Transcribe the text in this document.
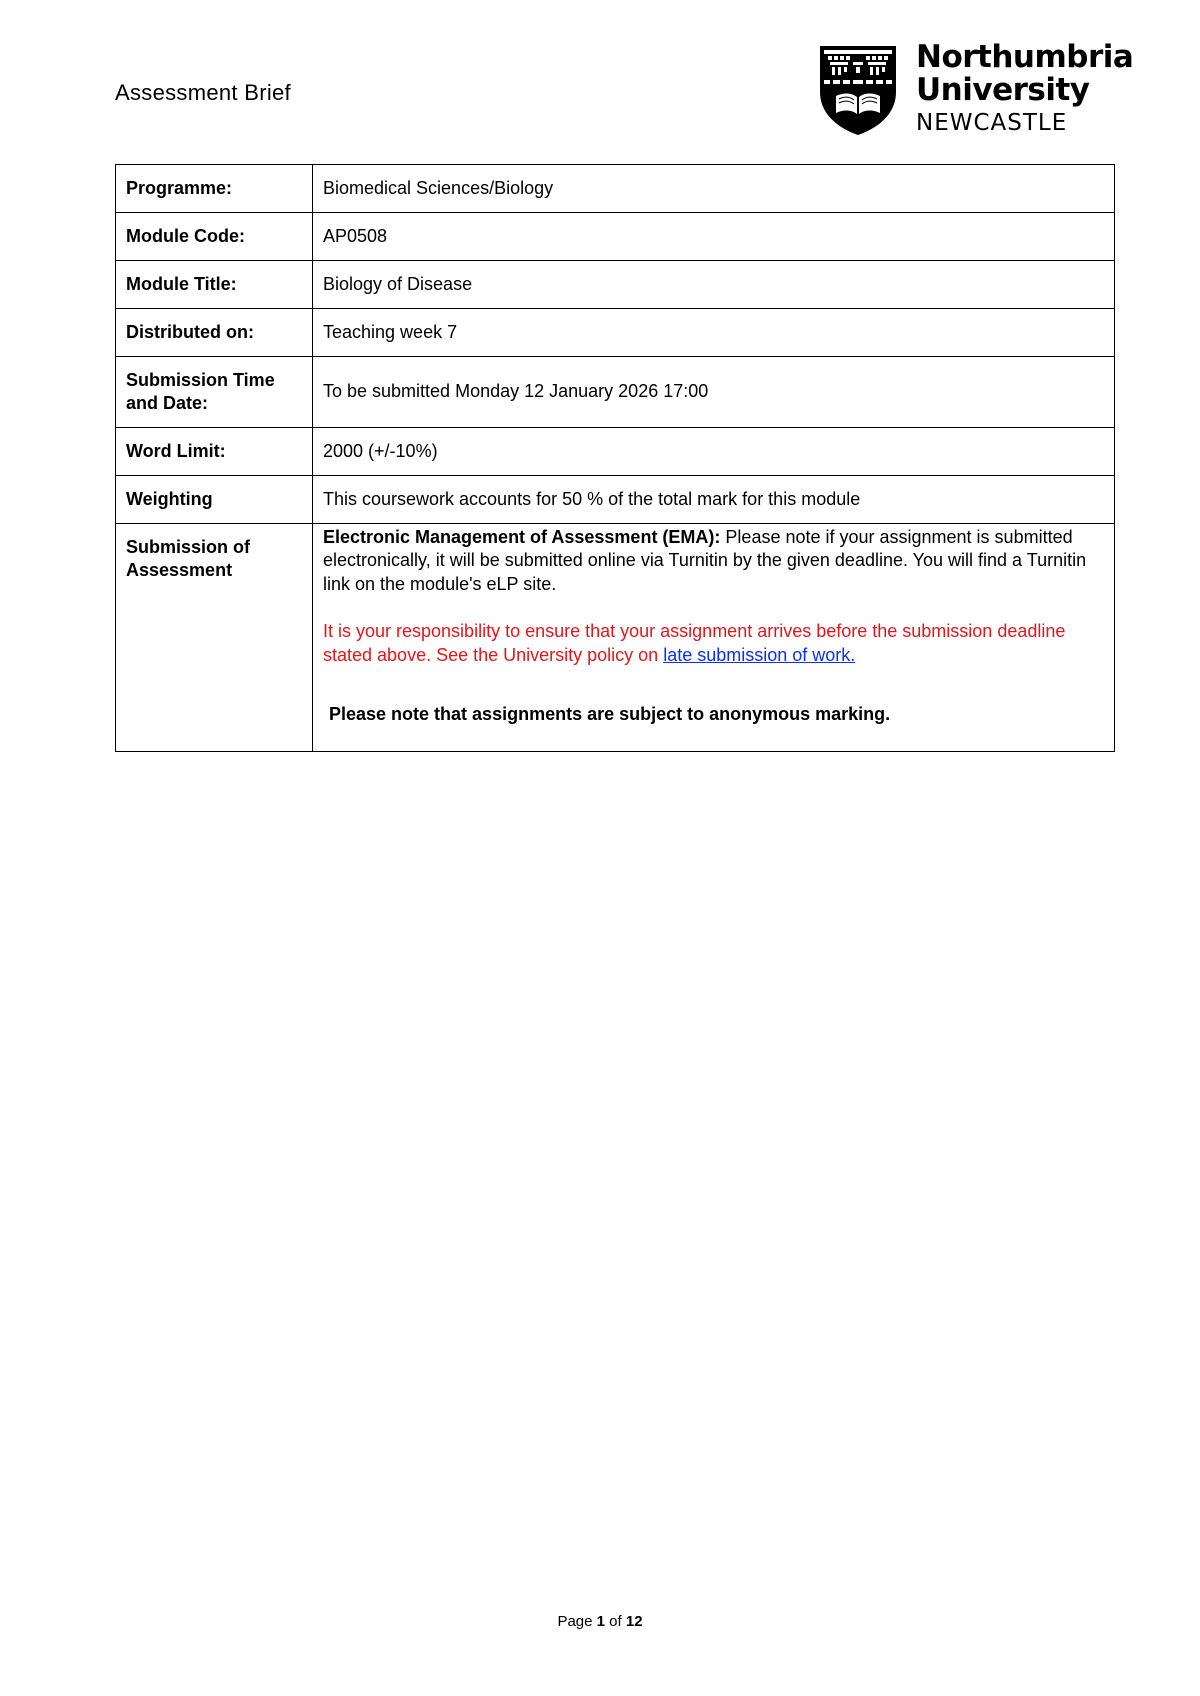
Assessment Brief
Northumbria
University
NEWCASTLE
Programme:	Biomedical Sciences/Biology
Module Code:	AP0508
Module Title:	Biology of Disease
Distributed on:	Teaching week 7
Submission Time and Date:	To be submitted Monday 12 January 2026 17:00
Word Limit:	2000 (+/-10%)
Weighting	This coursework accounts for 50 % of the total mark for this module
Submission of Assessment	Electronic Management of Assessment (EMA): Please note if your assignment is submitted electronically, it will be submitted online via Turnitin by the given deadline. You will find a Turnitin link on the module's eLP site.

It is your responsibility to ensure that your assignment arrives before the submission deadline stated above. See the University policy on late submission of work.

Please note that assignments are subject to anonymous marking.

Page 1 of 12
